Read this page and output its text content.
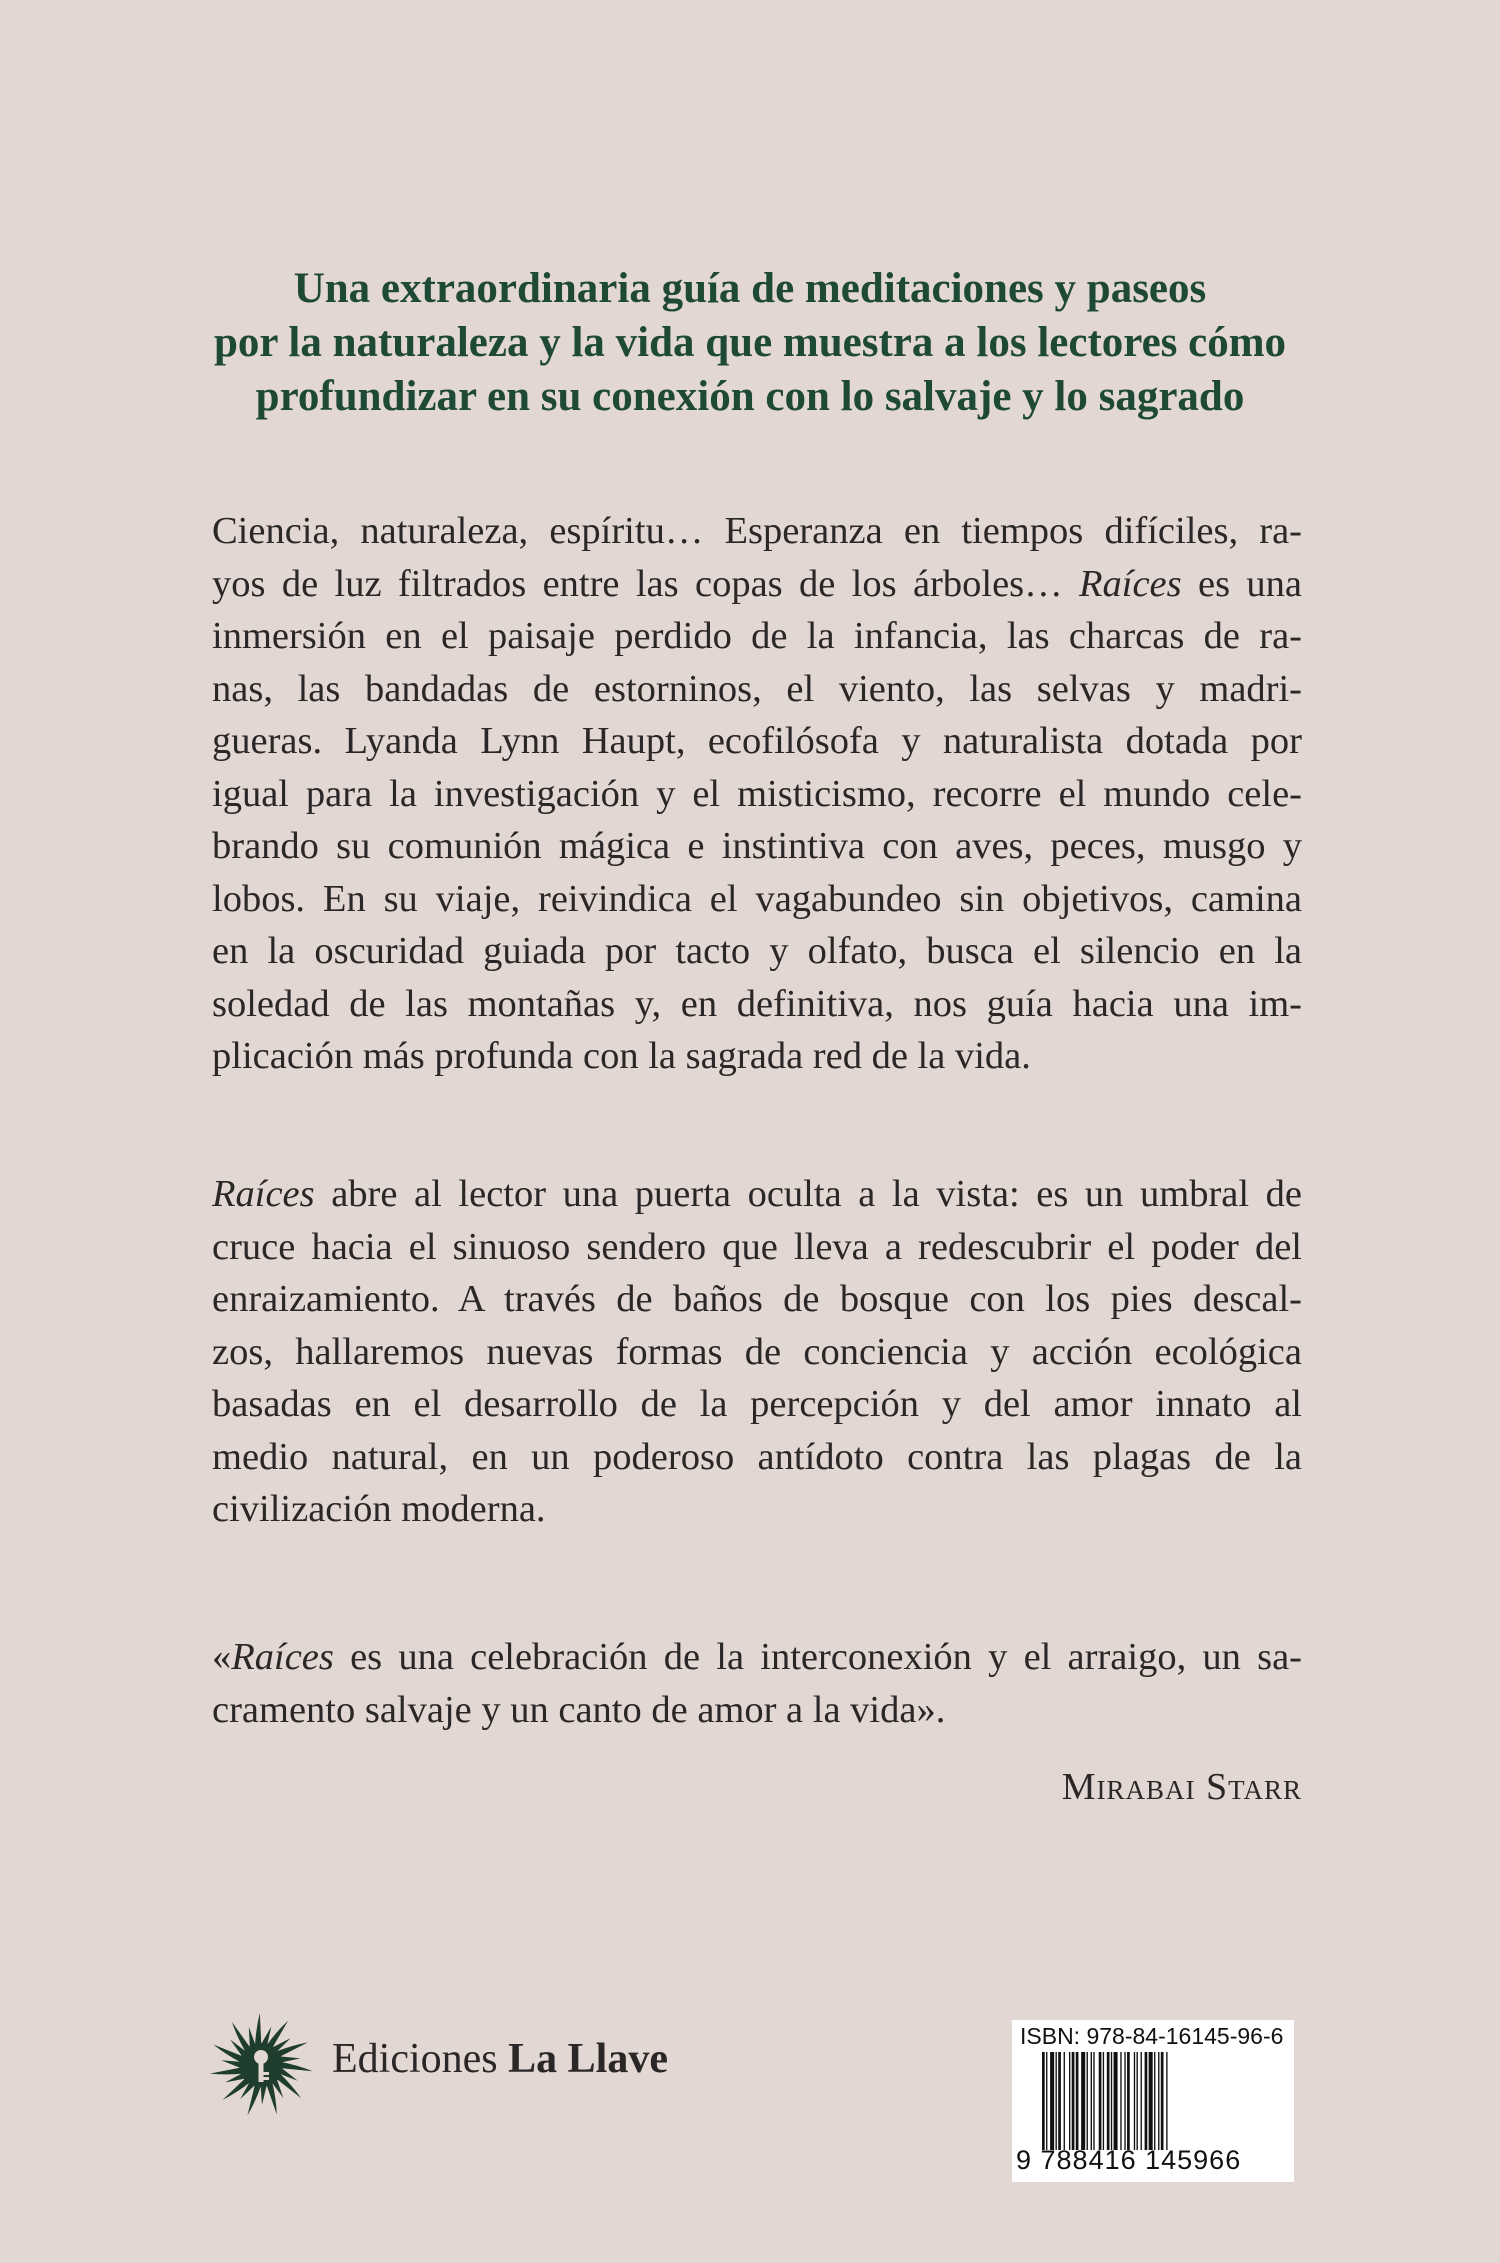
Una extraordinaria guía de meditaciones y paseos
por la naturaleza y la vida que muestra a los lectores cómo
profundizar en su conexión con lo salvaje y lo sagrado
Ciencia, naturaleza, espíritu… Esperanza en tiempos difíciles, ra-
yos de luz filtrados entre las copas de los árboles… Raíces es una
inmersión en el paisaje perdido de la infancia, las charcas de ra-
nas, las bandadas de estorninos, el viento, las selvas y madri-
gueras. Lyanda Lynn Haupt, ecofilósofa y naturalista dotada por
igual para la investigación y el misticismo, recorre el mundo cele-
brando su comunión mágica e instintiva con aves, peces, musgo y
lobos. En su viaje, reivindica el vagabundeo sin objetivos, camina
en la oscuridad guiada por tacto y olfato, busca el silencio en la
soledad de las montañas y, en definitiva, nos guía hacia una im-
plicación más profunda con la sagrada red de la vida.
Raíces abre al lector una puerta oculta a la vista: es un umbral de
cruce hacia el sinuoso sendero que lleva a redescubrir el poder del
enraizamiento. A través de baños de bosque con los pies descal-
zos, hallaremos nuevas formas de conciencia y acción ecológica
basadas en el desarrollo de la percepción y del amor innato al
medio natural, en un poderoso antídoto contra las plagas de la
civilización moderna.
«Raíces es una celebración de la interconexión y el arraigo, un sa-
cramento salvaje y un canto de amor a la vida».
Mirabai Starr
Ediciones La Llave	ISBN: 978-84-16145-96-6
9 788416 145966
